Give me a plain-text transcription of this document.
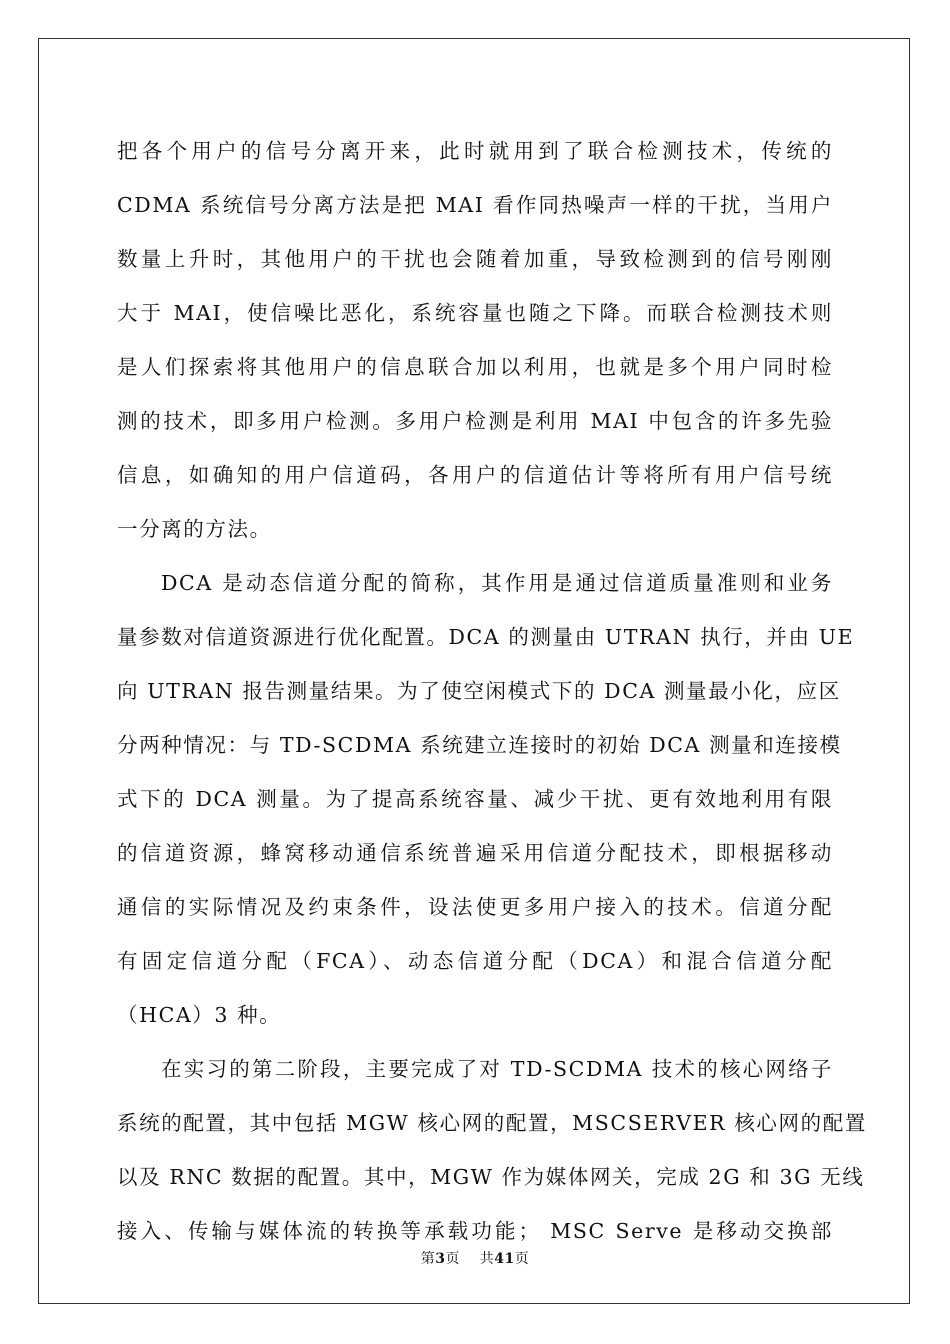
把各个用户的信号分离开来，此时就用到了联合检测技术，传统的
CDMA 系统信号分离方法是把 MAI 看作同热噪声一样的干扰，当用户
数量上升时，其他用户的干扰也会随着加重，导致检测到的信号刚刚
大于 MAI，使信噪比恶化，系统容量也随之下降。而联合检测技术则
是人们探索将其他用户的信息联合加以利用，也就是多个用户同时检
测的技术，即多用户检测。多用户检测是利用 MAI 中包含的许多先验
信息，如确知的用户信道码，各用户的信道估计等将所有用户信号统
一分离的方法。
DCA 是动态信道分配的简称，其作用是通过信道质量准则和业务
量参数对信道资源进行优化配置。DCA 的测量由 UTRAN 执行，并由 UE
向 UTRAN 报告测量结果。为了使空闲模式下的 DCA 测量最小化，应区
分两种情况：与 TD-SCDMA 系统建立连接时的初始 DCA 测量和连接模
式下的 DCA 测量。为了提高系统容量、减少干扰、更有效地利用有限
的信道资源，蜂窝移动通信系统普遍采用信道分配技术，即根据移动
通信的实际情况及约束条件，设法使更多用户接入的技术。信道分配
有固定信道分配（FCA）、动态信道分配（DCA）和混合信道分配
（HCA）3 种。
在实习的第二阶段，主要完成了对 TD-SCDMA 技术的核心网络子
系统的配置，其中包括 MGW 核心网的配置，MSCSERVER 核心网的配置
以及 RNC 数据的配置。其中，MGW 作为媒体网关，完成 2G 和 3G 无线
接入、传输与媒体流的转换等承载功能； MSC Serve 是移动交换部
第3页 共41页
